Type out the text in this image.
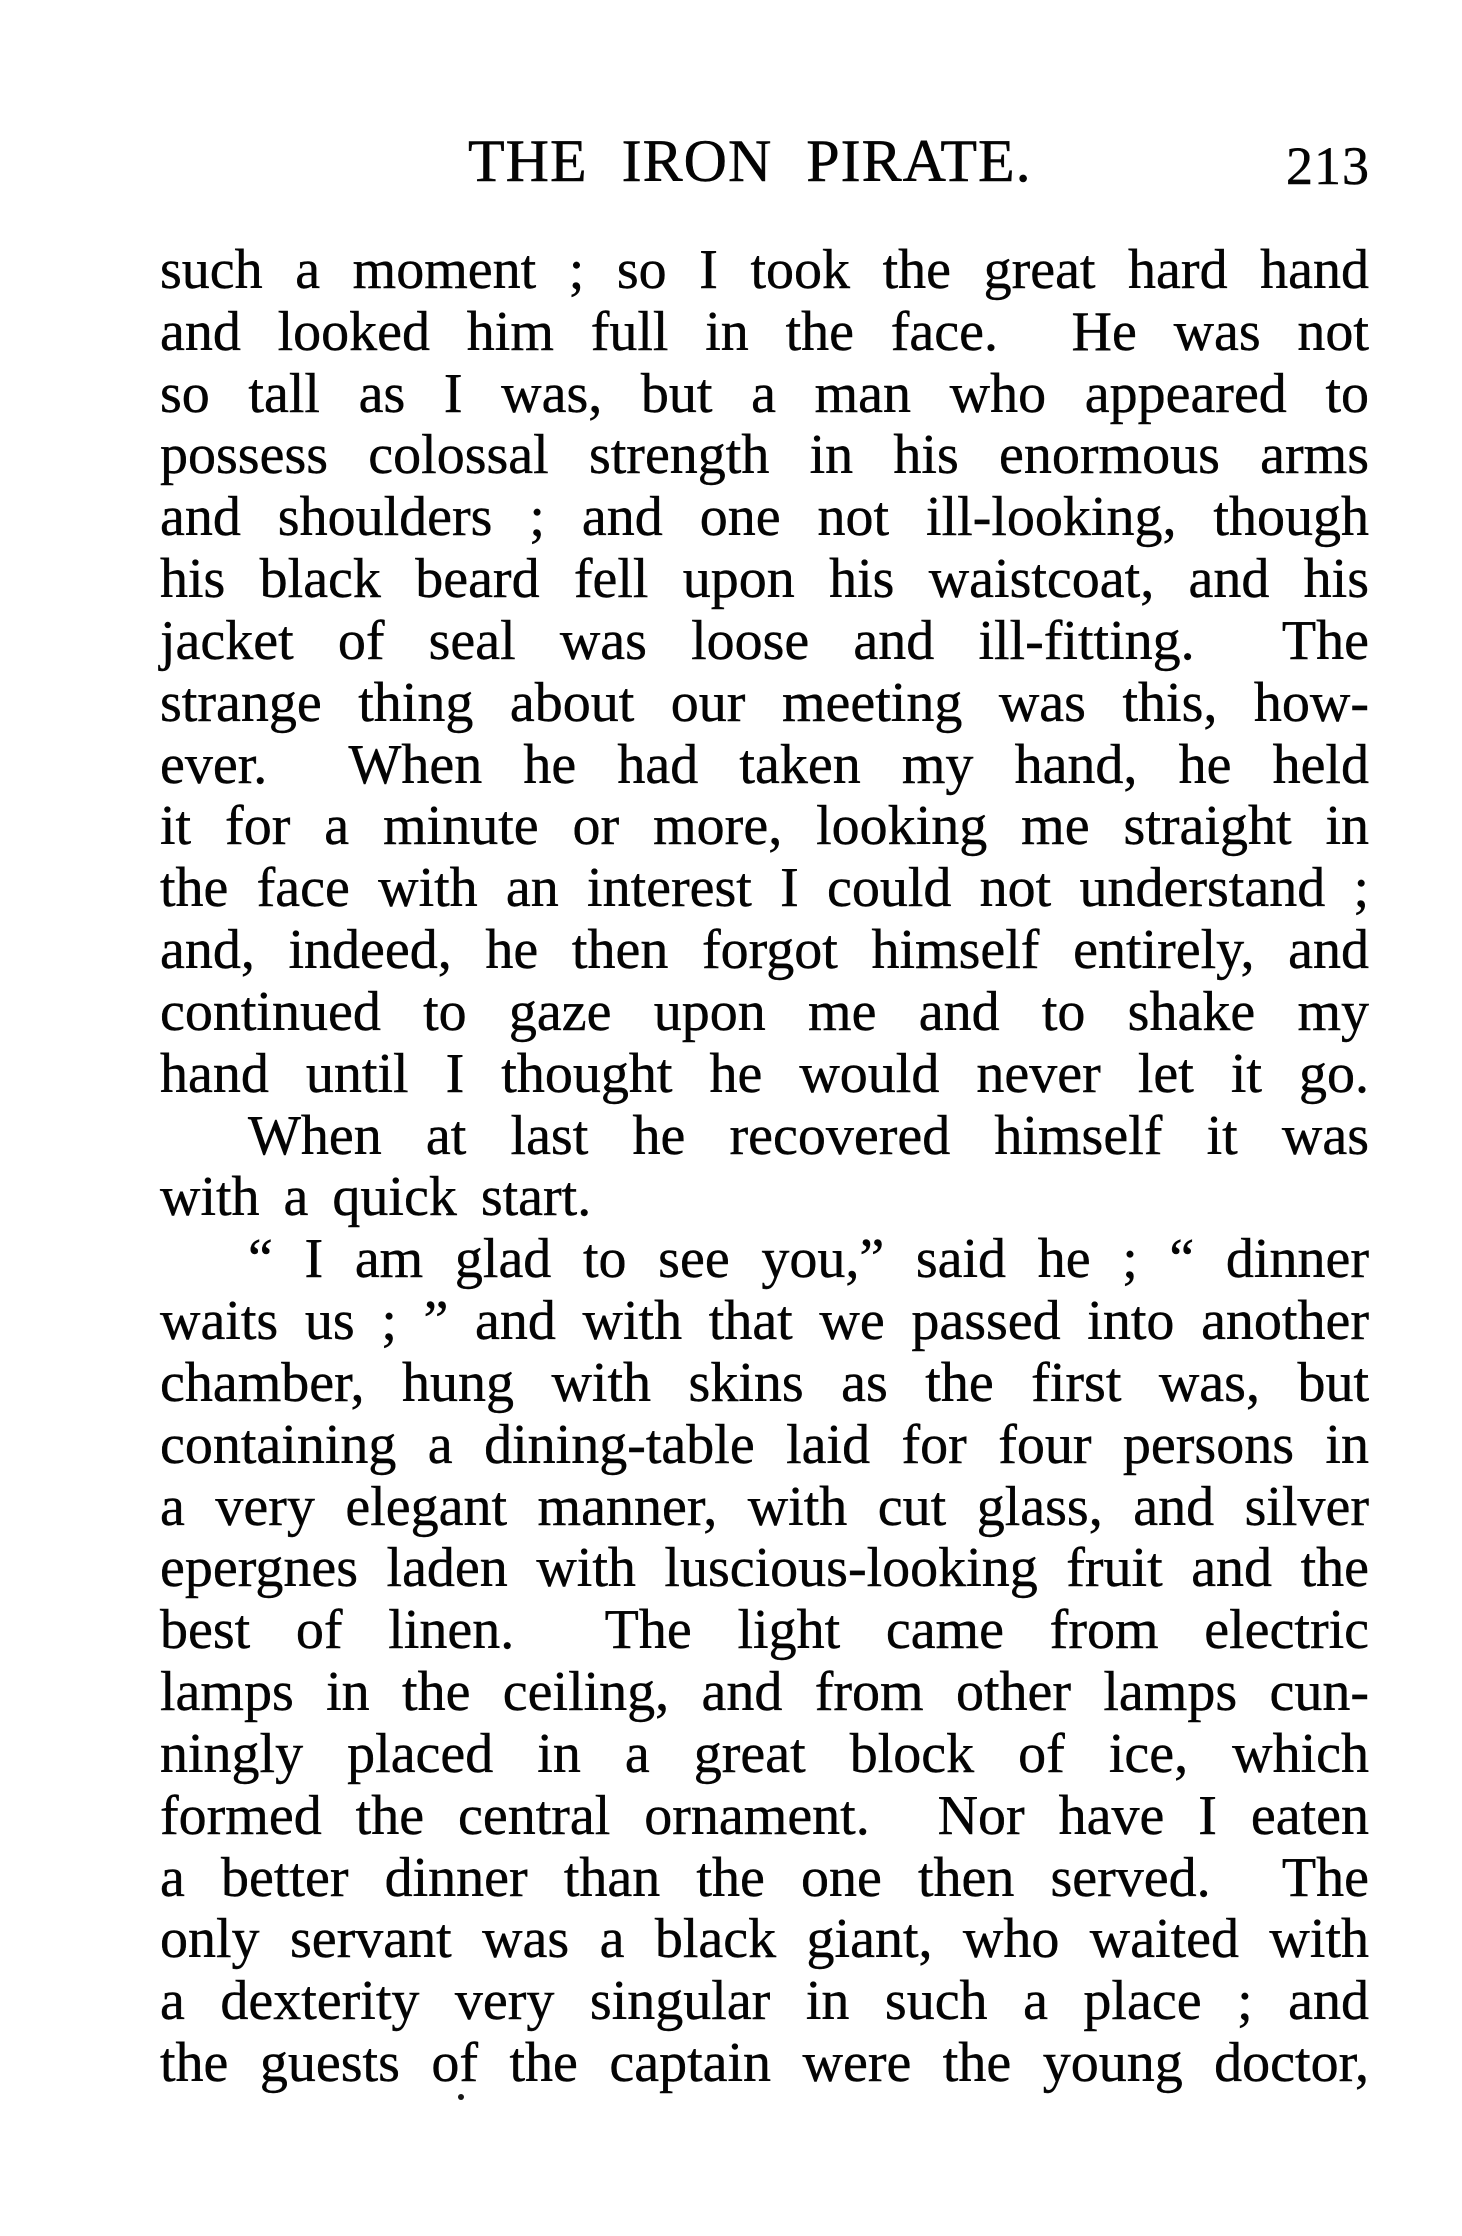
THE IRON PIRATE.	213
such a moment ; so I took the great hard hand
and looked him full in the face.  He was not
so tall as I was, but a man who appeared to
possess colossal strength in his enormous arms
and shoulders ; and one not ill-looking, though
his black beard fell upon his waistcoat, and his
jacket of seal was loose and ill-fitting.  The
strange thing about our meeting was this, how-
ever.  When he had taken my hand, he held
it for a minute or more, looking me straight in
the face with an interest I could not understand ;
and, indeed, he then forgot himself entirely, and
continued to gaze upon me and to shake my
hand until I thought he would never let it go.
When at last he recovered himself it was
with a quick start.
“ I am glad to see you,” said he ; “ dinner
waits us ; ” and with that we passed into another
chamber, hung with skins as the first was, but
containing a dining-table laid for four persons in
a very elegant manner, with cut glass, and silver
epergnes laden with luscious-looking fruit and the
best of linen.  The light came from electric
lamps in the ceiling, and from other lamps cun-
ningly placed in a great block of ice, which
formed the central ornament.  Nor have I eaten
a better dinner than the one then served.  The
only servant was a black giant, who waited with
a dexterity very singular in such a place ; and
the guests of the captain were the young doctor,
